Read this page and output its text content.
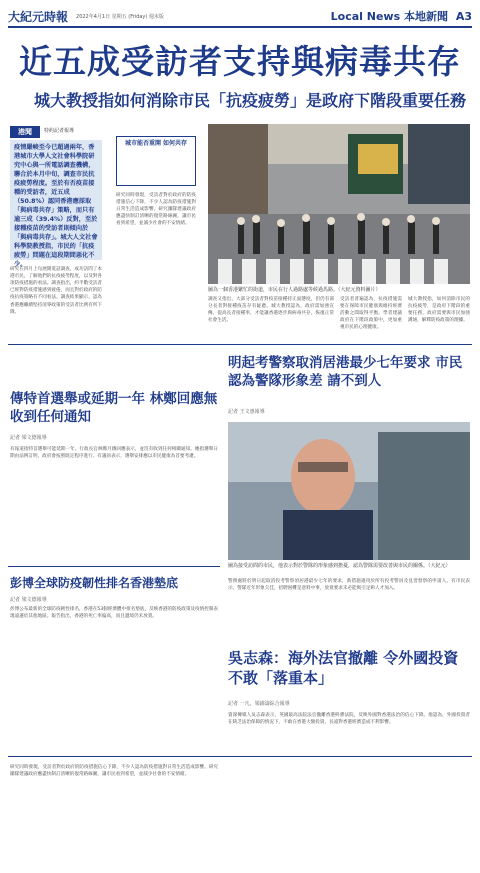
大紀元時報 2022年4月1日 星期五 (Friday) 週末版	Local News 本地新聞 A3
近五成受訪者支持與病毒共存
城大教授指如何消除市民「抗疫疲勞」是政府下階段重要任務
港聞	特約記者報導
疫情嚴峻至今已超過兩年，香港城市大學人文社會科學院研究中心與一所電話調查機構，聯合於本月中旬，調查市民抗疫疲勞程度。至於有否疫苗接種的受訪者，近五成（50.8%）認同香港應採取「與病毒共存」策略，而只有逾三成（39.4%）反對，至於接種疫苗的受訪者則傾向於「與病毒共存」。城大人文社會科學院教授指，市民的「抗疫疲勞」問題在這段期間惡化不少。
研究在四月上旬展開電話調查，成功訪問了本港市民，了解他們的抗疫疲勞程度，以及對各項防疫措施的看法。調查指出，約半數受訪者已經對防疫措施感到疲倦，而且對於政府的防疫抗疫策略有不同看法。調查結果顯示，認為香港應繼續堅持清零政策的受訪者比例有所下降。
研究同時發現，受訪者對於政府的防疫措施信心下降，不少人認為防疫措施對日常生活造成影響。研究團隊建議政府應盡快制訂清晰的復常路線圖，讓市民看到希望，並減少社會的不安情緒。
城市能否重開 如何共存
圖為一個香港繁忙的街道，市民在行人過路處等候過馬路。（大紀元資料圖片）
調查又指出，大部分受訪者對疫苗接種持正面態度，但仍有部分長者對接種疫苗存有疑慮。城大教授認為，政府需加強宣傳，提高長者接種率，才能讓香港逐步與病毒共存，恢復正常社會生活。
受訪者普遍認為，抗疫措施需要在保障市民健康與維持經濟活動之間取得平衡。學者建議政府在下階段政策中，更加重視市民的心理健康。
城大教授指，如何消除市民的抗疫疲勞，是政府下階段的重要任務，政府需要與市民加強溝通，解釋防疫政策的理據。
明起考警察取消居港最少七年要求 市民認為警隊形象差 請不到人
記者 王文惠報導
圖為接受訪問的市民，他表示對於警隊的形象感到擔憂，認為警隊需要改善與市民的關係。（大紀元）
警務處將於明日起取消投考警察須居港最少七年的要求，新措施適用於所有投考警員及見習督察的申請人。有市民表示，警隊近年形象欠佳，招聘困難是意料中事，放寬要求未必能吸引足夠人才加入。
傳特首選舉或延期一年 林鄭回應無收到任何通知
記者 梁文德報導
有報道指特首選舉可能延期一年，行政長官林鄭月娥回應表示，並沒有收到任何相關通知。她指選舉日期由法例訂明，政府會按照既定程序進行。有議員表示，選舉安排應以市民健康為首要考慮。
彭博全球防疫韌性排名香港墊底
記者 梁文德報導
彭博公布最新的全球防疫韌性排名，香港在53個經濟體中排名墊底，反映香港的防疫政策及疫情控制表現遠遜於其他地區。報告指出，香港的死亡率偏高，而且邊境仍未放寬。
吳志森：海外法官撤離 令外國投資不敢「落重本」
記者 一凡、梁錦濤綜合報導
資深傳媒人吳志森表示，英國最高法院法官撤離香港終審法院，反映外國對香港法治的信心下降。他認為，外國投資者在缺乏法治保障的情況下，不敢在香港大額投資，長遠對香港經濟造成不利影響。
研究同時發現，受訪者對於政府的防疫措施信心下降，不少人認為防疫措施對日常生活造成影響。研究團隊建議政府應盡快制訂清晰的復常路線圖，讓市民看到希望，並減少社會的不安情緒。
